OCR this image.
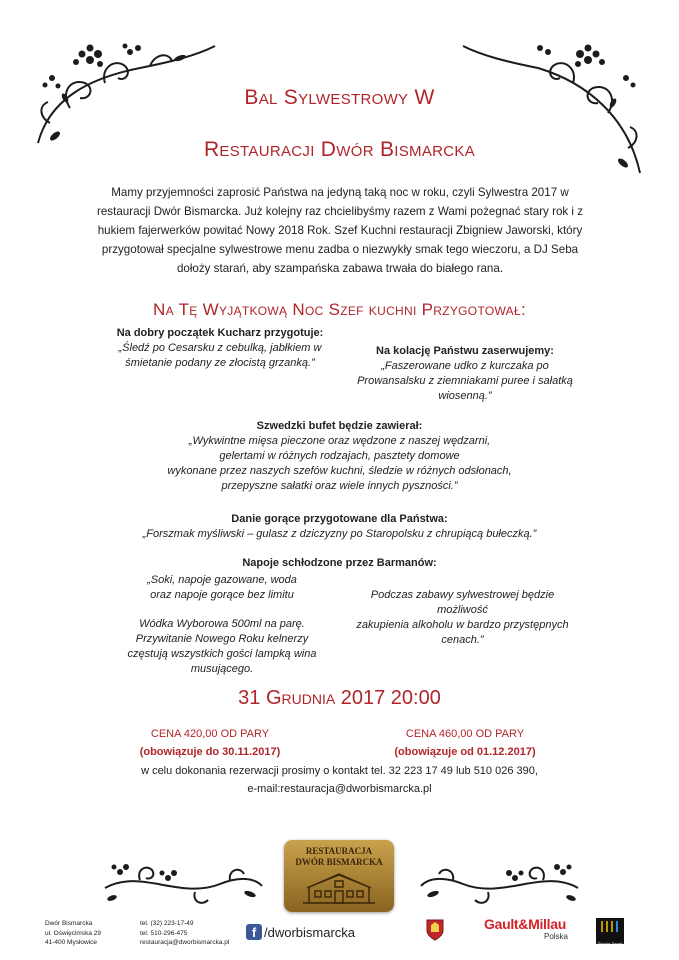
Bal Sylwestrowy W
Restauracji Dwór Bismarcka
Mamy przyjemności zaprosić Państwa na jedyną taką noc w roku, czyli Sylwestra 2017 w restauracji Dwór Bismarcka. Już kolejny raz chcielibyśmy razem z Wami pożegnać stary rok i z hukiem fajerwerków powitać Nowy 2018 Rok. Szef Kuchni restauracji Zbigniew Jaworski, który przygotował specjalne sylwestrowe menu zadba o niezwykły smak tego wieczoru, a DJ Seba dołoży starań, aby szampańska zabawa trwała do białego rana.
Na Tę Wyjątkową Noc Szef kuchni Przygotował:
Na dobry początek Kucharz przygotuje:
„Śledź po Cesarsku z cebulką, jabłkiem w
śmietanie podany ze złocistą grzanką.”
Na kolację Państwu zaserwujemy:
„Faszerowane udko z kurczaka po
Prowansalsku z ziemniakami puree i sałatką
wiosenną.”
Szwedzki bufet będzie zawierał:
„Wykwintne mięsa pieczone oraz wędzone z naszej wędzarni,
gelertami w różnych rodzajach, pasztety domowe
wykonane przez naszych szefów kuchni, śledzie w różnych odsłonach,
przepyszne sałatki oraz wiele innych pyszności.”
Danie gorące przygotowane dla Państwa:
„Forszmak myśliwski – gulasz z dziczyzny po Staropolsku z chrupiącą bułeczką.”
Napoje schłodzone przez Barmanów:
„Soki, napoje gazowane, woda
oraz napoje gorące bez limitu
Wódka Wyborowa 500ml na parę.
Przywitanie Nowego Roku kelnerzy
częstują wszystkich gości lampką wina
musującego.
Podczas zabawy sylwestrowej będzie
możliwość
zakupienia alkoholu w bardzo przystępnych
cenach.”
31 Grudnia 2017 20:00
CENA 420,00 OD PARY
(obowiązuje do 30.11.2017)
CENA 460,00 OD PARY
(obowiązuje od 01.12.2017)
w celu dokonania rezerwacji prosimy o kontakt tel. 32 223 17 49 lub 510 026 390,
e-mail:restauracja@dworbismarcka.pl
RESTAURACJA
DWÓR BISMARCKA
Dwór Bismarcka
ul. Oświęcimska 29
41-400 Mysłowice
tel. (32) 223-17-49
tel. 510-296-475
restauracja@dworbismarcka.pl
f /dworbismarcka	Gault&Millau
Polska
Śląskie Smaki
